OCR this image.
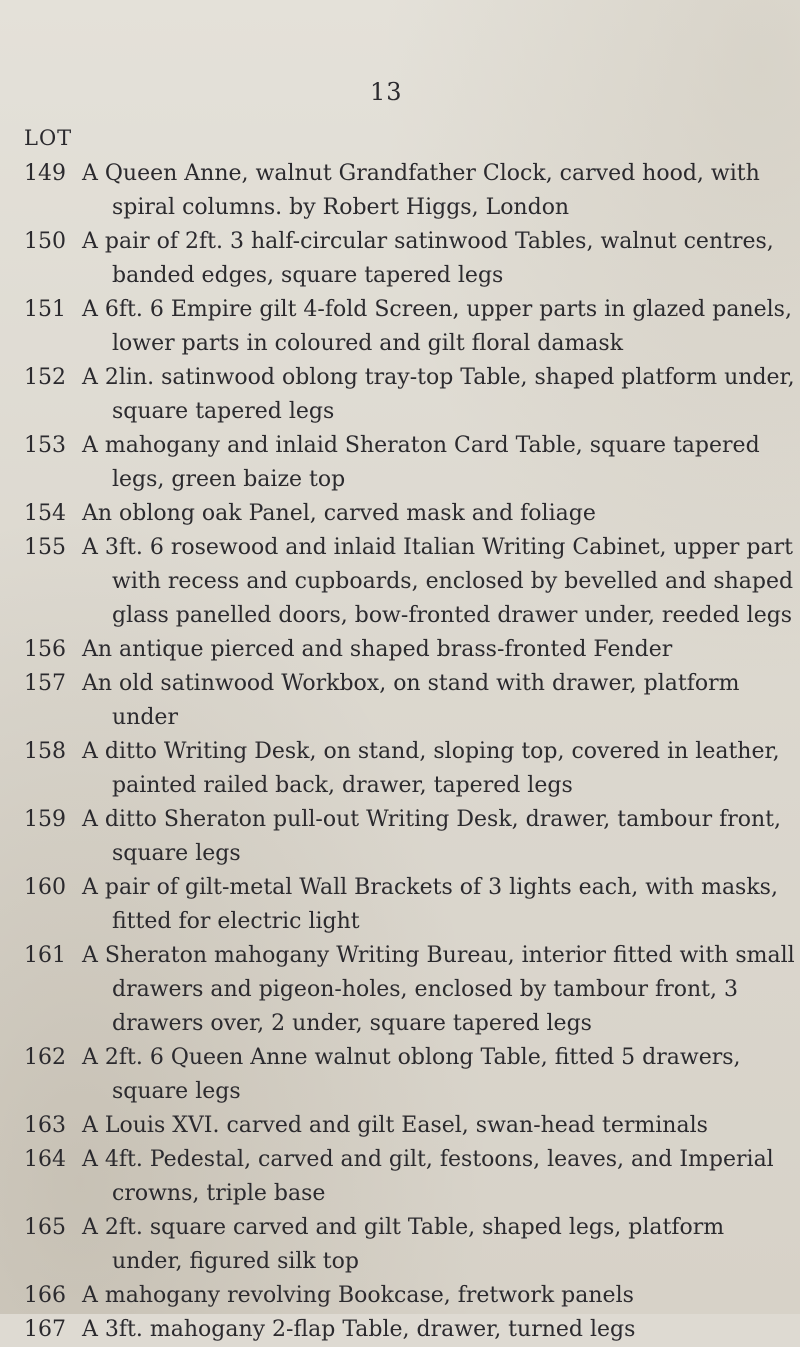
13
LOT
149 A Queen Anne, walnut Grandfather Clock, carved hood, with spiral columns. by Robert Higgs, London
150 A pair of 2ft. 3 half-circular satinwood Tables, walnut centres, banded edges, square tapered legs
151 A 6ft. 6 Empire gilt 4-fold Screen, upper parts in glazed panels, lower parts in coloured and gilt floral damask
152 A 2lin. satinwood oblong tray-top Table, shaped platform under, square tapered legs
153 A mahogany and inlaid Sheraton Card Table, square tapered legs, green baize top
154 An oblong oak Panel, carved mask and foliage
155 A 3ft. 6 rosewood and inlaid Italian Writing Cabinet, upper part with recess and cupboards, enclosed by bevelled and shaped glass panelled doors, bow-fronted drawer under, reeded legs
156 An antique pierced and shaped brass-fronted Fender
157 An old satinwood Workbox, on stand with drawer, platform under
158 A ditto Writing Desk, on stand, sloping top, covered in leather, painted railed back, drawer, tapered legs
159 A ditto Sheraton pull-out Writing Desk, drawer, tambour front, square legs
160 A pair of gilt-metal Wall Brackets of 3 lights each, with masks, fitted for electric light
161 A Sheraton mahogany Writing Bureau, interior fitted with small drawers and pigeon-holes, enclosed by tambour front, 3 drawers over, 2 under, square tapered legs
162 A 2ft. 6 Queen Anne walnut oblong Table, fitted 5 drawers, square legs
163 A Louis XVI. carved and gilt Easel, swan-head terminals
164 A 4ft. Pedestal, carved and gilt, festoons, leaves, and Imperial crowns, triple base
165 A 2ft. square carved and gilt Table, shaped legs, platform under, figured silk top
166 A mahogany revolving Bookcase, fretwork panels
167 A 3ft. mahogany 2-flap Table, drawer, turned legs
